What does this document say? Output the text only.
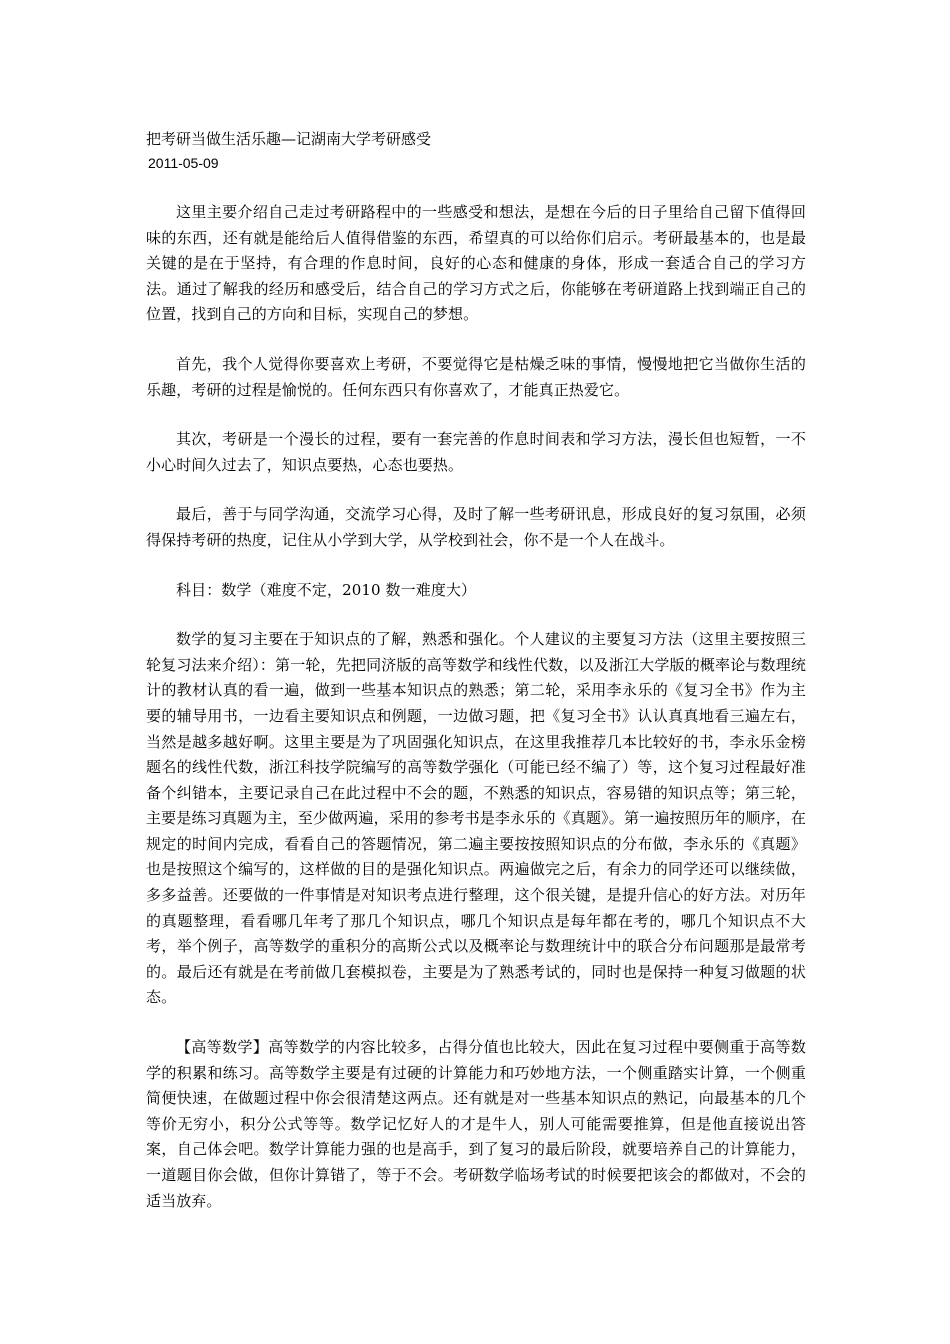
把考研当做生活乐趣—记湖南大学考研感受

2011-05-09

这里主要介绍自己走过考研路程中的一些感受和想法，是想在今后的日子里给自己留下值得回味的东西，还有就是能给后人值得借鉴的东西，希望真的可以给你们启示。考研最基本的，也是最关键的是在于坚持，有合理的作息时间，良好的心态和健康的身体，形成一套适合自己的学习方法。通过了解我的经历和感受后，结合自己的学习方式之后，你能够在考研道路上找到端正自己的位置，找到自己的方向和目标，实现自己的梦想。

首先，我个人觉得你要喜欢上考研，不要觉得它是枯燥乏味的事情，慢慢地把它当做你生活的乐趣，考研的过程是愉悦的。任何东西只有你喜欢了，才能真正热爱它。

其次，考研是一个漫长的过程，要有一套完善的作息时间表和学习方法，漫长但也短暂，一不小心时间久过去了，知识点要热，心态也要热。

最后，善于与同学沟通，交流学习心得，及时了解一些考研讯息，形成良好的复习氛围，必须得保持考研的热度，记住从小学到大学，从学校到社会，你不是一个人在战斗。

科目：数学（难度不定，2010 数一难度大）

数学的复习主要在于知识点的了解，熟悉和强化。个人建议的主要复习方法（这里主要按照三轮复习法来介绍）：第一轮，先把同济版的高等数学和线性代数，以及浙江大学版的概率论与数理统计的教材认真的看一遍，做到一些基本知识点的熟悉；第二轮，采用李永乐的《复习全书》作为主要的辅导用书，一边看主要知识点和例题，一边做习题，把《复习全书》认认真真地看三遍左右，当然是越多越好啊。这里主要是为了巩固强化知识点，在这里我推荐几本比较好的书，李永乐金榜题名的线性代数，浙江科技学院编写的高等数学强化（可能已经不编了）等，这个复习过程最好准备个纠错本，主要记录自己在此过程中不会的题，不熟悉的知识点，容易错的知识点等；第三轮，主要是练习真题为主，至少做两遍，采用的参考书是李永乐的《真题》。第一遍按照历年的顺序，在规定的时间内完成，看看自己的答题情况，第二遍主要按按照知识点的分布做，李永乐的《真题》也是按照这个编写的，这样做的目的是强化知识点。两遍做完之后，有余力的同学还可以继续做，多多益善。还要做的一件事情是对知识考点进行整理，这个很关键，是提升信心的好方法。对历年的真题整理，看看哪几年考了那几个知识点，哪几个知识点是每年都在考的，哪几个知识点不大考，举个例子，高等数学的重积分的高斯公式以及概率论与数理统计中的联合分布问题那是最常考的。最后还有就是在考前做几套模拟卷，主要是为了熟悉考试的，同时也是保持一种复习做题的状态。

【高等数学】高等数学的内容比较多，占得分值也比较大，因此在复习过程中要侧重于高等数学的积累和练习。高等数学主要是有过硬的计算能力和巧妙地方法，一个侧重踏实计算，一个侧重简便快速，在做题过程中你会很清楚这两点。还有就是对一些基本知识点的熟记，向最基本的几个等价无穷小，积分公式等等。数学记忆好人的才是牛人，别人可能需要推算，但是他直接说出答案，自己体会吧。数学计算能力强的也是高手，到了复习的最后阶段，就要培养自己的计算能力，一道题目你会做，但你计算错了，等于不会。考研数学临场考试的时候要把该会的都做对，不会的适当放弃。
